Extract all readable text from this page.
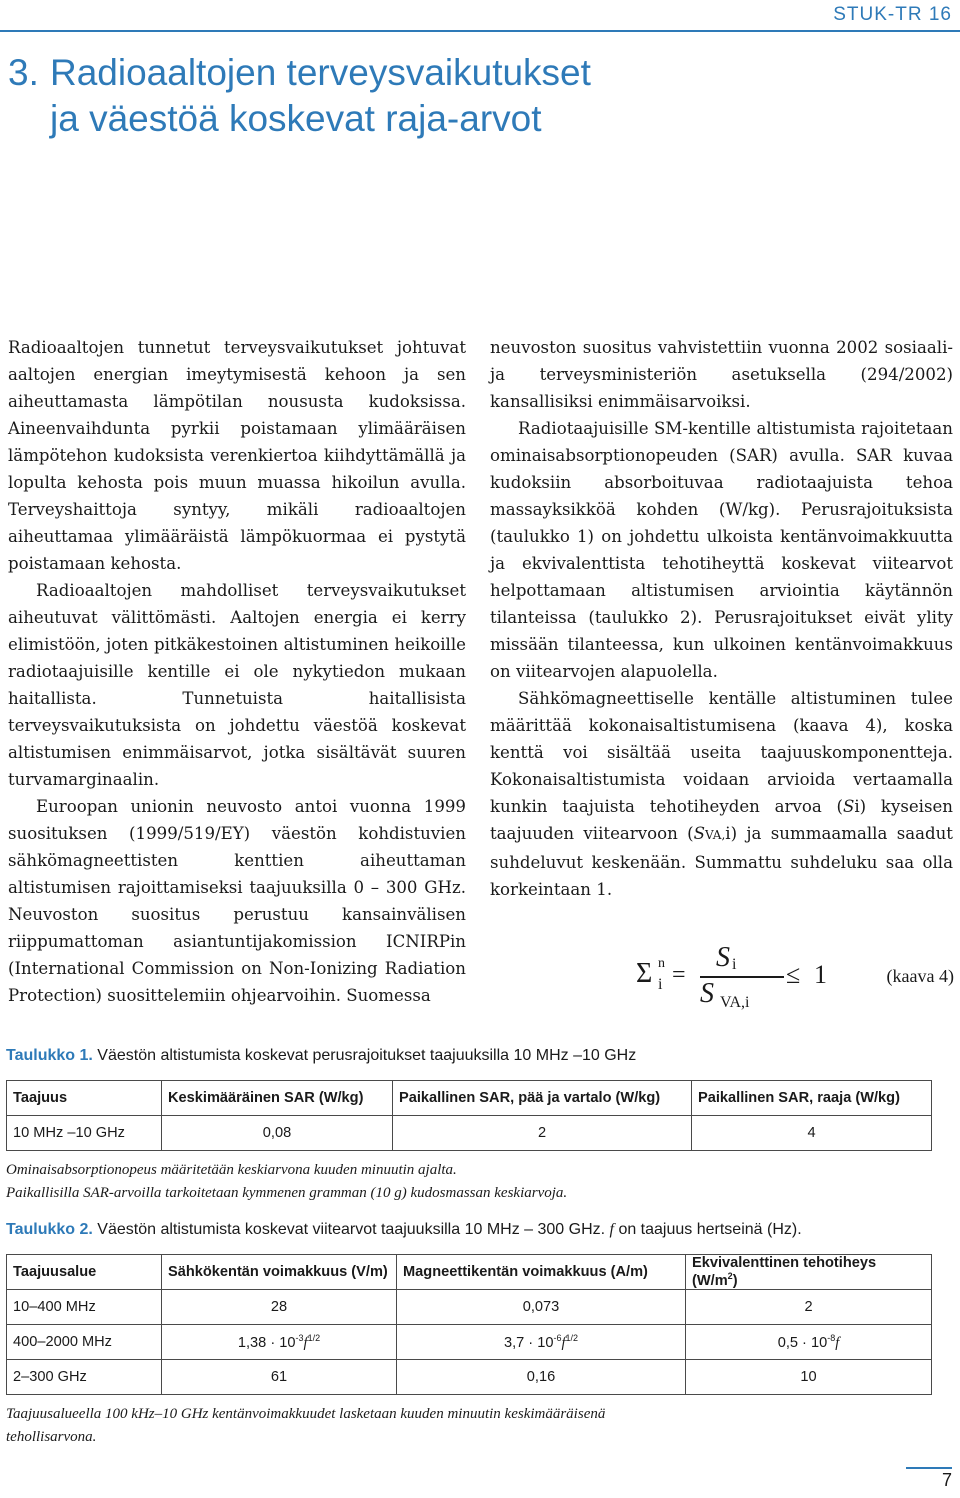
STUK-TR 16
3. Radioaaltojen terveysvaikutukset
ja väestöä koskevat raja-arvot

Radioaaltojen tunnetut terveysvaikutukset johtuvat aaltojen energian imeytymisestä kehoon ja sen aiheuttamasta lämpötilan noususta kudoksissa. Aineenvaihdunta pyrkii poistamaan ylimääräisen lämpötehon kudoksista verenkiertoa kiihdyttämällä ja lopulta kehosta pois muun muassa hikoilun avulla. Terveyshaittoja syntyy, mikäli radioaaltojen aiheuttamaa ylimääräistä lämpökuormaa ei pystytä poistamaan kehosta.

Radioaaltojen mahdolliset terveysvaikutukset aiheutuvat välittömästi. Aaltojen energia ei kerry elimistöön, joten pitkäkestoinen altistuminen heikoille radiotaajuisille kentille ei ole nykytiedon mukaan haitallista. Tunnetuista haitallisista terveysvaikutuksista on johdettu väestöä koskevat altistumisen enimmäisarvot, jotka sisältävät suuren turvamarginaalin.

Euroopan unionin neuvosto antoi vuonna 1999 suosituksen (1999/519/EY) väestön kohdistuvien sähkömagneettisten kenttien aiheuttaman altistumisen rajoittamiseksi taajuuksilla 0 – 300 GHz. Neuvoston suositus perustuu kansainvälisen riippumattoman asiantuntijakomission ICNIRPin (International Commission on Non-Ionizing Radiation Protection) suosittelemiin ohjearvoihin. Suomessa

neuvoston suositus vahvistettiin vuonna 2002 sosiaali- ja terveysministeriön asetuksella (294/2002) kansallisiksi enimmäisarvoiksi.

Radiotaajuisille SM-kentille altistumista rajoitetaan ominaisabsorptionopeuden (SAR) avulla. SAR kuvaa kudoksiin absorboituvaa radiotaajuista tehoa massayksikköä kohden (W/kg). Perusrajoituksista (taulukko 1) on johdettu ulkoista kentänvoimakkuutta ja ekvivalenttista tehotiheyttä koskevat viitearvot helpottamaan altistumisen arviointia käytännön tilanteissa (taulukko 2). Perusrajoitukset eivät ylity missään tilanteessa, kun ulkoinen kentänvoimakkuus on viitearvojen alapuolella.

Sähkömagneettiselle kentälle altistuminen tulee määrittää kokonaisaltistumisena (kaava 4), koska kenttä voi sisältää useita taajuuskomponentteja. Kokonaisaltistumista voidaan arvioida vertaamalla kunkin taajuista tehotiheyden arvoa (Si) kyseisen taajuuden viitearvoon (SVA,i) ja summaamalla saadut suhdeluvut keskenään. Summattu suhdeluku saa olla korkeintaan 1.

Σ n
i =
S i
S VA,i
≤ 1	(kaava 4)
Taulukko 1. Väestön altistumista koskevat perusrajoitukset taajuuksilla 10 MHz –10 GHz
Taajuus	Keskimääräinen SAR (W/kg)	Paikallinen SAR, pää ja vartalo (W/kg)	Paikallinen SAR, raaja (W/kg)
10 MHz –10 GHz	0,08	2	4
Ominaisabsorptionopeus määritetään keskiarvona kuuden minuutin ajalta.
Paikallisilla SAR-arvoilla tarkoitetaan kymmenen gramman (10 g) kudosmassan keskiarvoja.
Taulukko 2. Väestön altistumista koskevat viitearvot taajuuksilla 10 MHz – 300 GHz. f on taajuus hertseinä (Hz).
Taajuusalue	Sähkökentän voimakkuus (V/m)	Magneettikentän voimakkuus (A/m)	Ekvivalenttinen tehotiheys $(W/m^2)$
10–400 MHz	28	0,073	2
400–2000 MHz	$1,38 \cdot 10^{-3}f^{1/2}$	$3,7 \cdot 10^{-6}f^{1/2}$	$0,5 \cdot 10^{-8}f$
2–300 GHz	61	0,16	10
Taajuusalueella 100 kHz–10 GHz kentänvoimakkuudet lasketaan kuuden minuutin keskimääräisenä tehollisarvona.
7
